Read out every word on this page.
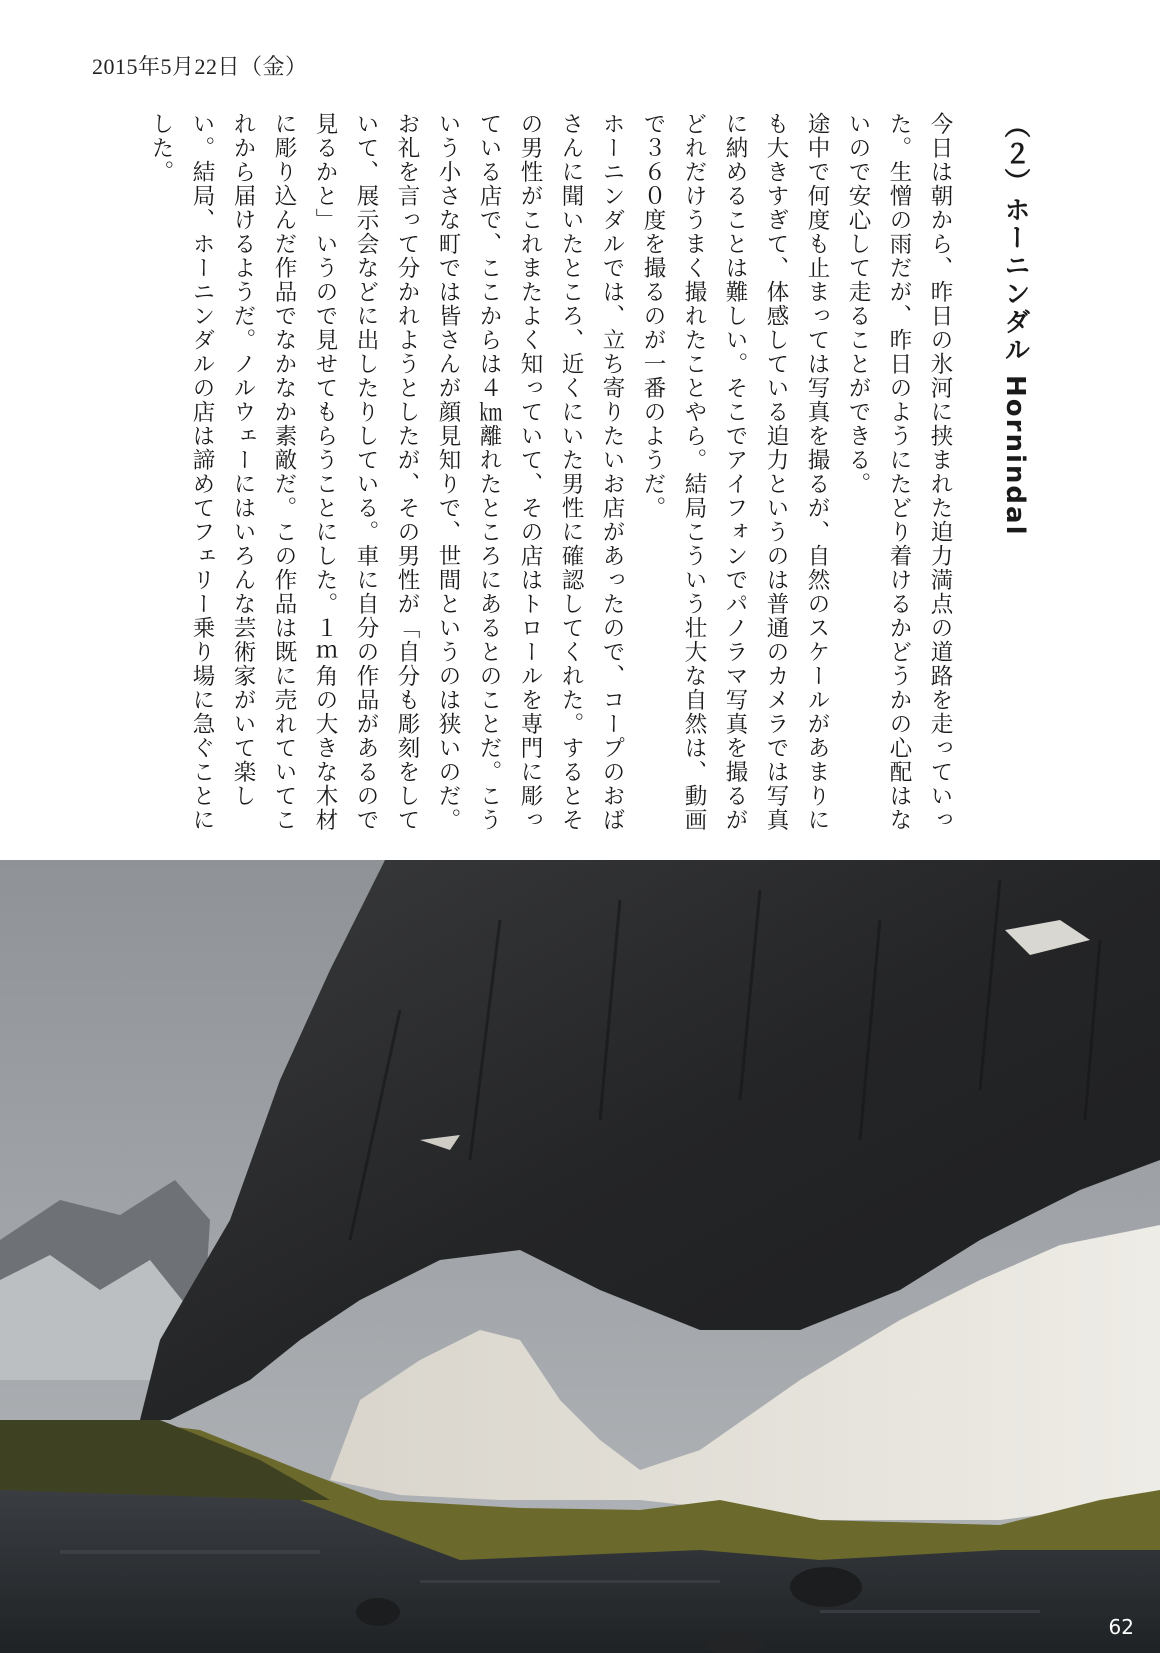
2015年5月22日（金）
（２）ホーニンダル Hornindal

今日は朝から、昨日の氷河に挟まれた迫力満点の道路を走っていった。生憎の雨だが、昨日のようにたどり着けるかどうかの心配はないので安心して走ることができる。

途中で何度も止まっては写真を撮るが、自然のスケールがあまりにも大きすぎて、体感している迫力というのは普通のカメラでは写真に納めることは難しい。そこでアイフォンでパノラマ写真を撮るがどれだけうまく撮れたことやら。結局こういう壮大な自然は、動画で３６０度を撮るのが一番のようだ。

ホーニンダルでは、立ち寄りたいお店があったので、コープのおばさんに聞いたところ、近くにいた男性に確認してくれた。するとその男性がこれまたよく知っていて、その店はトロールを専門に彫っている店で、ここからは４㎞離れたところにあるとのことだ。こういう小さな町では皆さんが顔見知りで、世間というのは狭いのだ。

お礼を言って分かれようとしたが、その男性が「自分も彫刻をしていて、展示会などに出したりしている。車に自分の作品があるので見るかと」いうので見せてもらうことにした。１ｍ角の大きな木材に彫り込んだ作品でなかなか素敵だ。この作品は既に売れていてこれから届けるようだ。ノルウェーにはいろんな芸術家がいて楽しい。結局、ホーニンダルの店は諦めてフェリー乗り場に急ぐことにした。

62
